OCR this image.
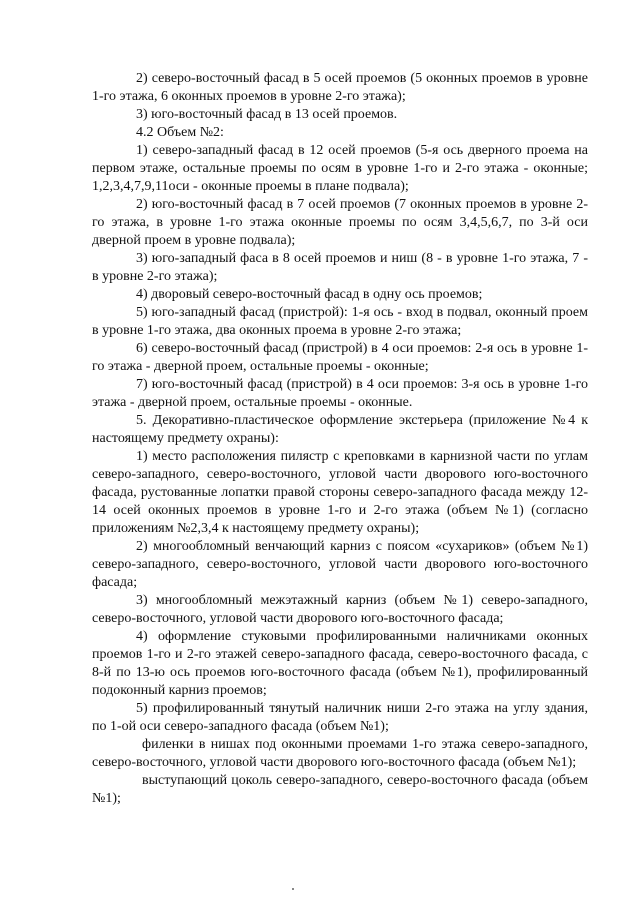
2) северо-восточный фасад в 5 осей проемов (5 оконных проемов в уровне 1-го этажа, 6 оконных проемов в уровне 2-го этажа);

3) юго-восточный фасад в 13 осей проемов.

4.2 Объем №2:

1) северо-западный фасад в 12 осей проемов (5-я ось дверного проема на первом этаже, остальные проемы по осям в уровне 1-го и 2-го этажа - оконные; 1,2,3,4,7,9,11оси - оконные проемы в плане подвала);

2) юго-восточный фасад в 7 осей проемов (7 оконных проемов в уровне 2-го этажа, в уровне 1-го этажа оконные проемы по осям 3,4,5,6,7, по 3-й оси дверной проем в уровне подвала);

3) юго-западный фаса в 8 осей проемов и ниш (8 - в уровне 1-го этажа, 7 - в уровне 2-го этажа);

4) дворовый северо-восточный фасад в одну ось проемов;

5) юго-западный фасад (пристрой): 1-я ось - вход в подвал, оконный проем в уровне 1-го этажа, два оконных проема в уровне 2-го этажа;

6) северо-восточный фасад (пристрой) в 4 оси проемов: 2-я ось в уровне 1-го этажа - дверной проем, остальные проемы - оконные;

7) юго-восточный фасад (пристрой) в 4 оси проемов: 3-я ось в уровне 1-го этажа - дверной проем, остальные проемы - оконные.

5. Декоративно-пластическое оформление экстерьера (приложение №4 к настоящему предмету охраны):

1) место расположения пилястр с креповками в карнизной части по углам северо-западного, северо-восточного, угловой части дворового юго-восточного фасада, рустованные лопатки правой стороны северо-западного фасада между 12-14 осей оконных проемов в уровне 1-го и 2-го этажа (объем №1) (согласно приложениям №2,3,4 к настоящему предмету охраны);

2) многообломный венчающий карниз с поясом «сухариков» (объем №1) северо-западного, северо-восточного, угловой части дворового юго-восточного фасада;

3) многообломный межэтажный карниз (объем №1) северо-западного, северо-восточного, угловой части дворового юго-восточного фасада;

4) оформление стуковыми профилированными наличниками оконных проемов 1-го и 2-го этажей северо-западного фасада, северо-восточного фасада, с 8-й по 13-ю ось проемов юго-восточного фасада (объем №1), профилированный подоконный карниз проемов;

5) профилированный тянутый наличник ниши 2-го этажа на углу здания, по 1-ой оси северо-западного фасада (объем №1);

филенки в нишах под оконными проемами 1-го этажа северо-западного, северо-восточного, угловой части дворового юго-восточного фасада (объем №1);

выступающий цоколь северо-западного, северо-восточного фасада (объем №1);
